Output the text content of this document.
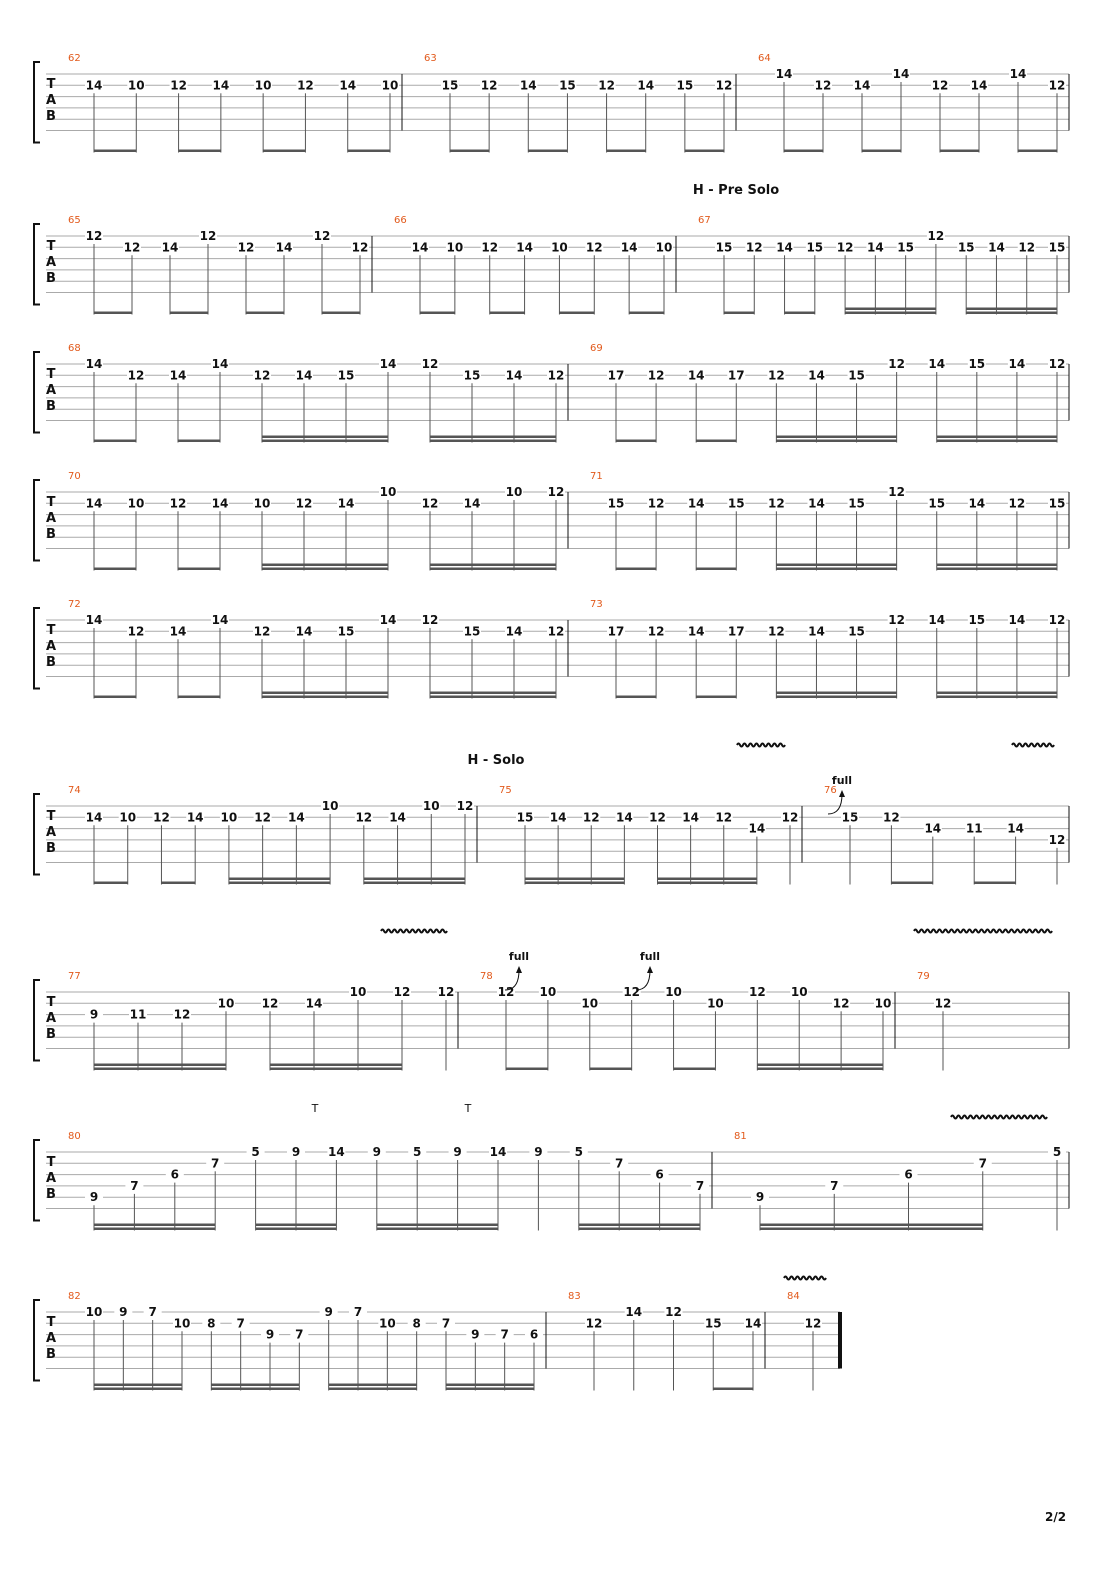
T
A
B
62
14 10 12 14 10 12 14 10
63
15 12 14 15 12 14 15 12
64
14
12 14
14
12 14
14
12
T
A
B
65
12
12 14
12
12 14
12
12
66
14 10 12 14 10 12 14 10
67
H - Pre Solo
15 12 14 15 12 14 15
12
15 14 12 15
T
A
B
68
14
12 14
14
12 14 15
14 12
15 14 12
69
17 12 14 17 12 14 15
12 14 15 14 12
T
A
B
70
14 10 12 14 10 12 14
10
12 14
10 12
71
15 12 14 15 12 14 15
12
15 14 12 15
T
A
B
72
14
12 14
14
12 14 15
14 12
15 14 12
73
17 12 14 17 12 14 15
12 14 15 14 12
T
A
B
74
H - Solo
14 10 12 14 10 12 14
10
12 14
10 12
75
15 14 12 14 12 14 12
14
12
76
15 12
14 11 14
12
T
A
B
77
9	11 12
10 12 14
10 12 12
78
12 10
10
12 10
10
12 10
12 10
79
12
T
A
B
80
9
7
6
7
5	9 14 9	5	9 14 9	5
7
6
7
81
9
7
6
7
5
T
A
B
82
10 9 7
10 8 7
9 7
9 7
10 8 7
9 7 6
83
12
14 12
15 14
84
12
full
full	full
T	T
2/2
